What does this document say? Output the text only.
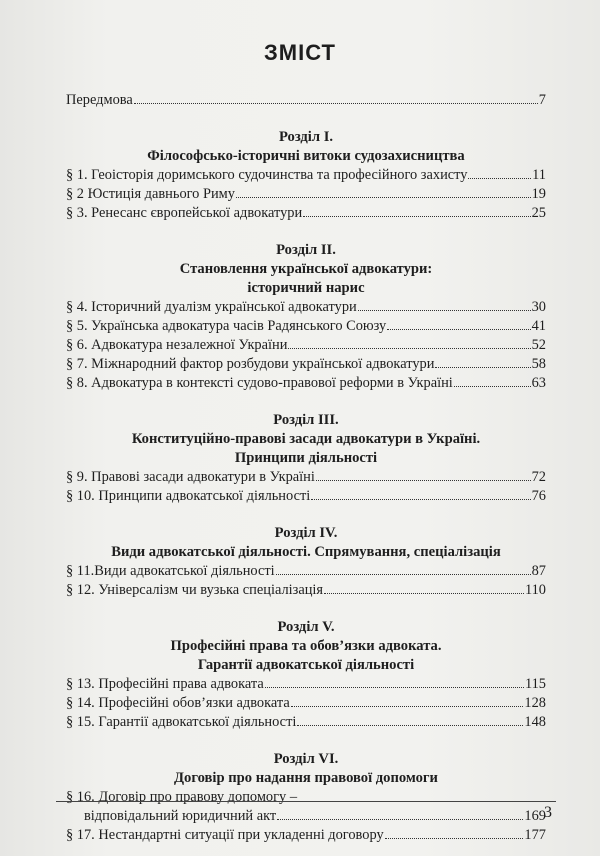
ЗМІСТ
Передмова	7
Розділ І.
Філософсько-історичні витоки судозахисництва
§ 1. Геоісторія доримського судочинства та професійного захисту	11
§ 2 Юстиція давнього Риму	19
§ 3. Ренесанс європейської адвокатури	25
Розділ ІІ.
Становлення української адвокатури:
історичний нарис
§ 4. Історичний дуалізм української адвокатури	30
§ 5. Українська адвокатура часів Радянського Союзу	41
§ 6. Адвокатура незалежної України	52
§ 7. Міжнародний фактор розбудови української адвокатури	58
§ 8. Адвокатура в контексті судово-правової реформи в Україні	63
Розділ ІІІ.
Конституційно-правові засади адвокатури в Україні.
Принципи діяльності
§ 9. Правові засади адвокатури в Україні	72
§ 10. Принципи адвокатської діяльності	76
Розділ ІV.
Види адвокатської діяльності. Спрямування, спеціалізація
§ 11.Види адвокатської діяльності	87
§ 12. Універсалізм чи вузька спеціалізація	110
Розділ V.
Професійні права та обов’язки адвоката.
Гарантії адвокатської діяльності
§ 13. Професійні права адвоката	115
§ 14. Професійні обов’язки адвоката	128
§ 15. Гарантії адвокатської діяльності	148
Розділ VІ.
Договір про надання правової допомоги
§ 16. Договір про правову допомогу –
відповідальний юридичний акт	169
§ 17. Нестандартні ситуації при укладенні договору	177
3
